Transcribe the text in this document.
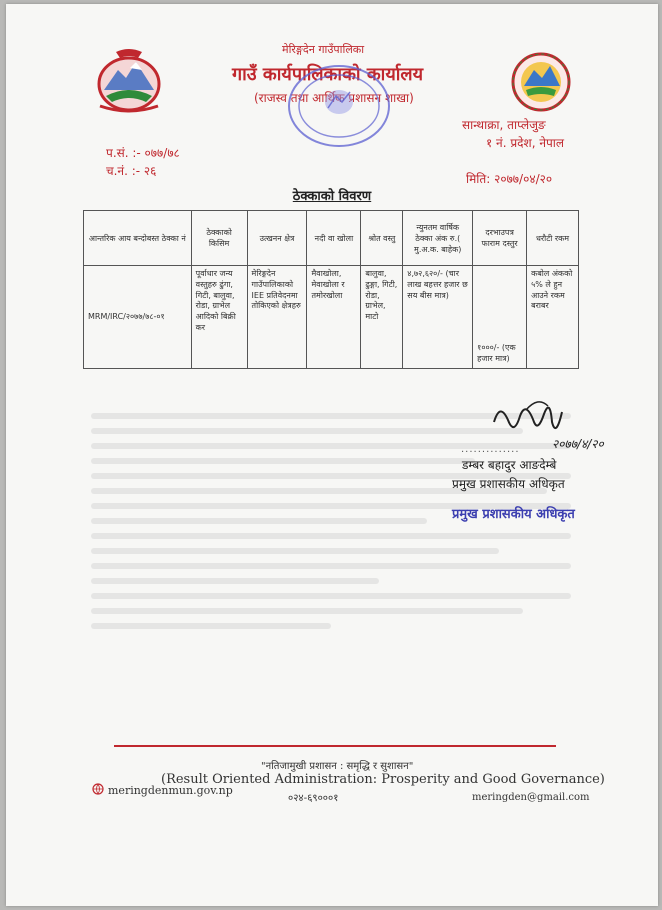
मेरिङ्गदेन गाउँपालिका
गाउँ कार्यपालिकाको कार्यालय
(राजस्व तथा आर्थिक प्रशासन शाखा)
सान्थाक्रा, ताप्लेजुङ
१ नं. प्रदेश, नेपाल
प.सं. :- ०७७/७८
च.नं. :- २६
मिति: २०७७/०४/२०
ठेक्काको विवरण
आन्तरिक आय बन्दोबस्त ठेक्का नं	ठेक्काको किसिम	उत्खनन क्षेत्र	नदी वा खोला	श्रोत वस्तु	न्युनतम वार्षिक ठेक्का अंक रु.( मु.अ.क. बाहेक)	दरभाउपत्र फाराम दस्तुर	धरौटी रकम
MRM/IRC/२०७७/७८-०१	पूर्वाधार जन्य वस्तुहरु ढुंगा, गिटी, बालुवा, रोडा, ग्राभेल आदिको बिक्री कर	मेरिङ्गदेन गाउँपालिकाको IEE प्रतिवेदनमा तोकिएको क्षेत्रहरु	मैवाखोला, मेवाखोला र तमोरखोला	बालुवा, ढुङ्गा, गिटी, रोडा, ग्राभेल, माटो	४,७२,६२०/- (चार लाख बहत्तर हजार छ सय बीस मात्र)	१०००/- (एक हजार मात्र)	कबोल अंकको ५% ले हुन आउने रकम बराबर
२०७७/४/२०
..............
डम्बर बहादुर आङदेम्बे
प्रमुख प्रशासकीय अधिकृत
प्रमुख प्रशासकीय अधिकृत
"नतिजामुखी प्रशासन : समृद्धि र सुशासन"
(Result Oriented Administration: Prosperity and Good Governance)
meringdenmun.gov.np
०२४-६९०००१	meringden@gmail.com
